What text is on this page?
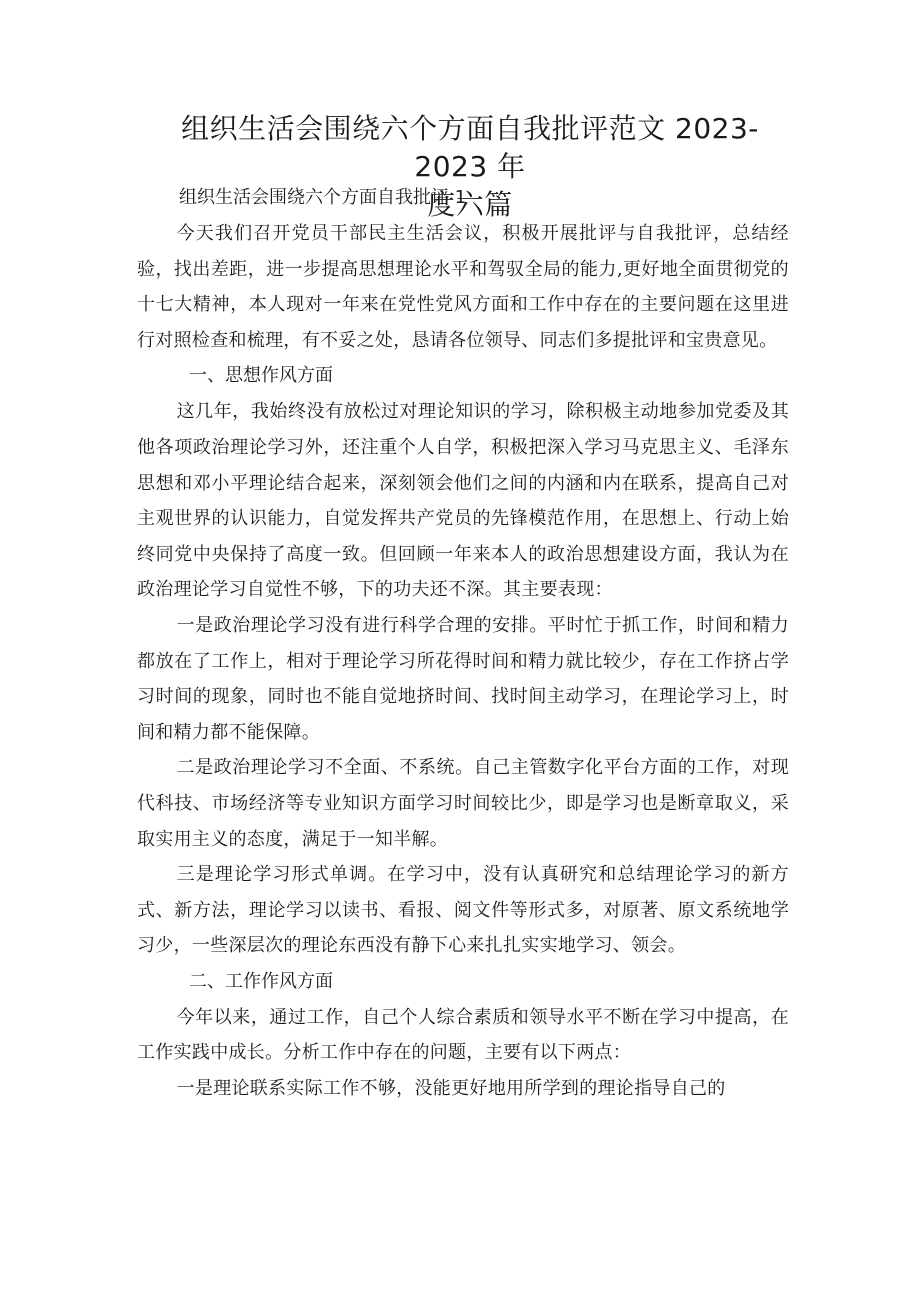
组织生活会围绕六个方面自我批评范文 2023-2023 年
度六篇

组织生活会围绕六个方面自我批评 1

今天我们召开党员干部民主生活会议，积极开展批评与自我批评，总结经验，找出差距，进一步提高思想理论水平和驾驭全局的能力,更好地全面贯彻党的十七大精神，本人现对一年来在党性党风方面和工作中存在的主要问题在这里进行对照检查和梳理，有不妥之处，恳请各位领导、同志们多提批评和宝贵意见。

一、思想作风方面

这几年，我始终没有放松过对理论知识的学习，除积极主动地参加党委及其他各项政治理论学习外，还注重个人自学，积极把深入学习马克思主义、毛泽东思想和邓小平理论结合起来，深刻领会他们之间的内涵和内在联系，提高自己对主观世界的认识能力，自觉发挥共产党员的先锋模范作用，在思想上、行动上始终同党中央保持了高度一致。但回顾一年来本人的政治思想建设方面，我认为在政治理论学习自觉性不够，下的功夫还不深。其主要表现：

一是政治理论学习没有进行科学合理的安排。平时忙于抓工作，时间和精力都放在了工作上，相对于理论学习所花得时间和精力就比较少，存在工作挤占学习时间的现象，同时也不能自觉地挤时间、找时间主动学习，在理论学习上，时间和精力都不能保障。

二是政治理论学习不全面、不系统。自己主管数字化平台方面的工作，对现代科技、市场经济等专业知识方面学习时间较比少，即是学习也是断章取义，采取实用主义的态度，满足于一知半解。

三是理论学习形式单调。在学习中，没有认真研究和总结理论学习的新方式、新方法，理论学习以读书、看报、阅文件等形式多，对原著、原文系统地学习少，一些深层次的理论东西没有静下心来扎扎实实地学习、领会。

二、工作作风方面

今年以来，通过工作，自己个人综合素质和领导水平不断在学习中提高，在工作实践中成长。分析工作中存在的问题，主要有以下两点：

一是理论联系实际工作不够，没能更好地用所学到的理论指导自己的
